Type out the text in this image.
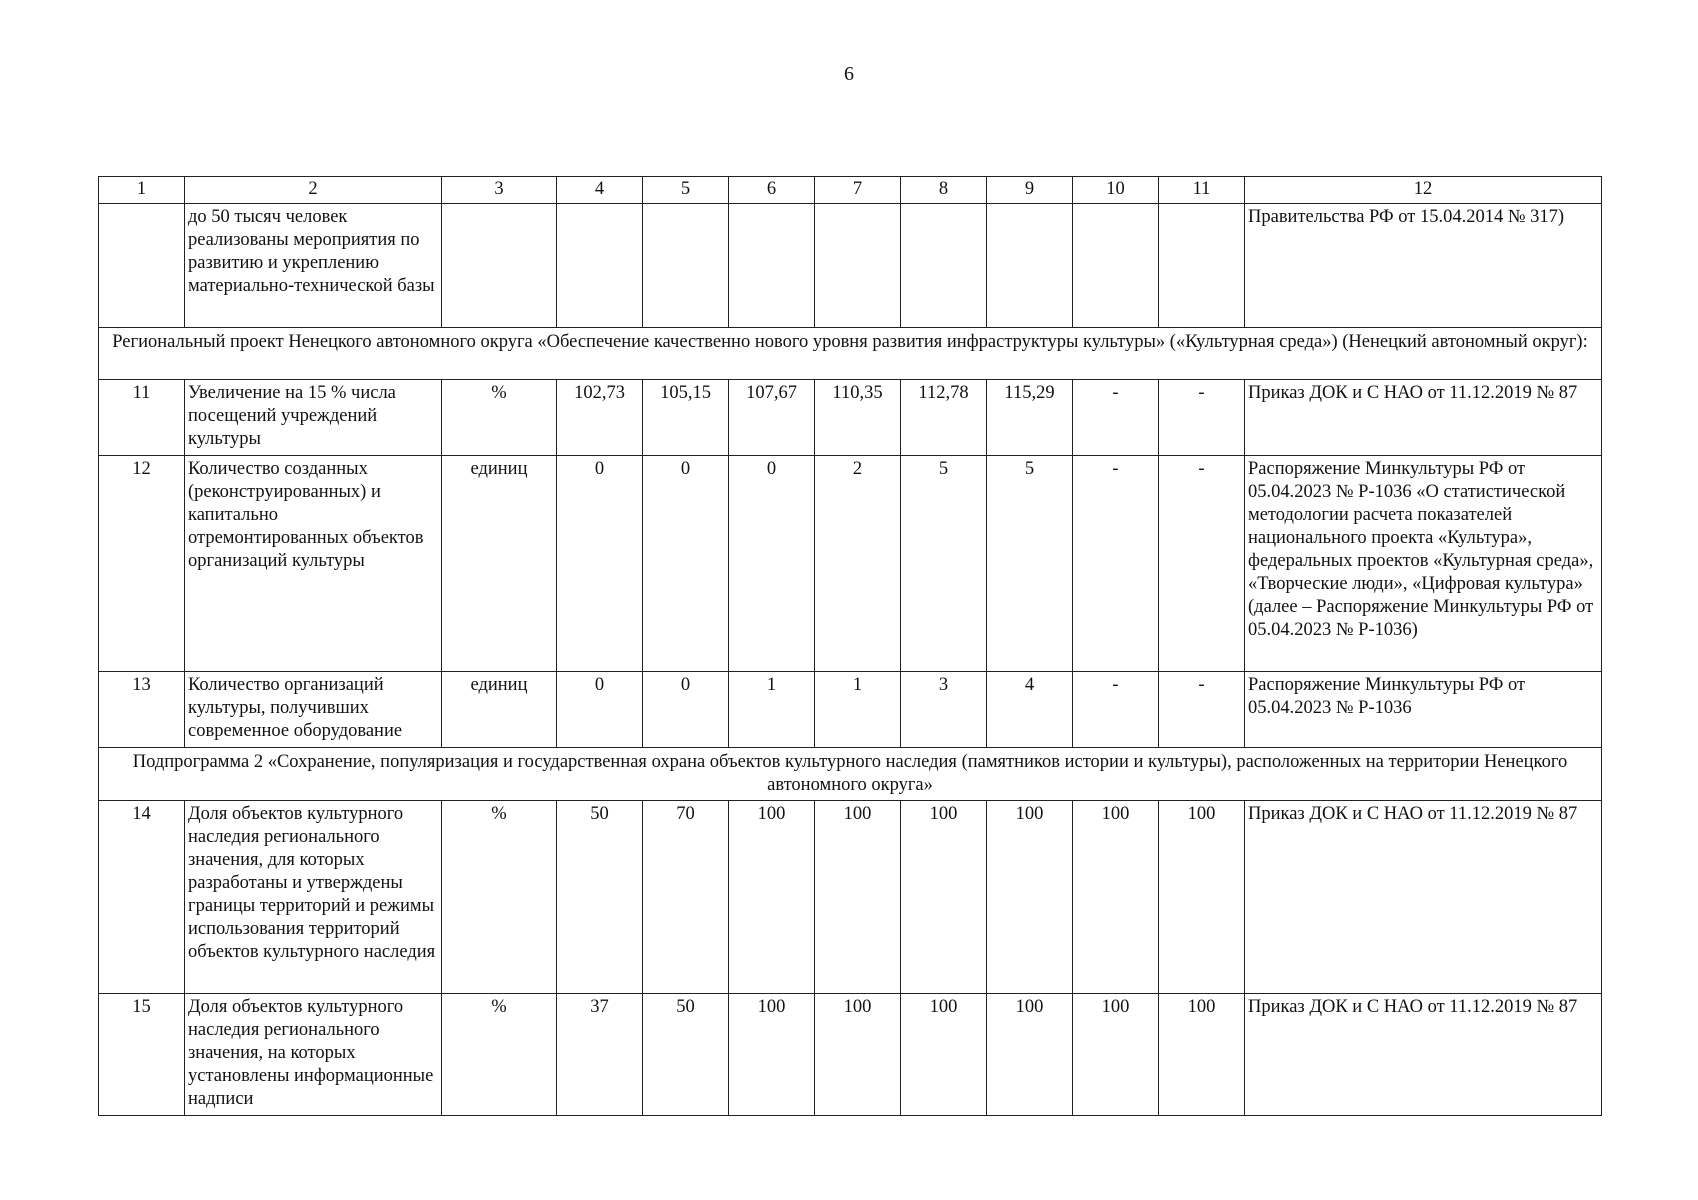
6
1	2	3	4	5	6	7	8	9	10	11	12
	до 50 тысяч человек реализованы мероприятия по развитию и укреплению материально-технической базы										Правительства РФ от 15.04.2014 № 317)
Региональный проект Ненецкого автономного округа «Обеспечение качественно нового уровня развития инфраструктуры культуры» («Культурная среда») (Ненецкий автономный округ):											
11	Увеличение на 15 % числа посещений учреждений культуры	%	102,73	105,15	107,67	110,35	112,78	115,29	-	-	Приказ ДОК и С НАО от 11.12.2019 № 87
12	Количество созданных (реконструированных) и капитально отремонтированных объектов организаций культуры	единиц	0	0	0	2	5	5	-	-	Распоряжение Минкультуры РФ от 05.04.2023 № Р-1036 «О статистической методологии расчета показателей национального проекта «Культура», федеральных проектов «Культурная среда», «Творческие люди», «Цифровая культура» (далее – Распоряжение Минкультуры РФ от 05.04.2023 № Р-1036)
13	Количество организаций культуры, получивших современное оборудование	единиц	0	0	1	1	3	4	-	-	Распоряжение Минкультуры РФ от 05.04.2023 № Р-1036
Подпрограмма 2 «Сохранение, популяризация и государственная охрана объектов культурного наследия (памятников истории и культуры), расположенных на территории Ненецкого автономного округа»											
14	Доля объектов культурного наследия регионального значения, для которых разработаны и утверждены границы территорий и режимы использования территорий объектов культурного наследия	%	50	70	100	100	100	100	100	100	Приказ ДОК и С НАО от 11.12.2019 № 87
15	Доля объектов культурного наследия регионального значения, на которых установлены информационные надписи	%	37	50	100	100	100	100	100	100	Приказ ДОК и С НАО от 11.12.2019 № 87
